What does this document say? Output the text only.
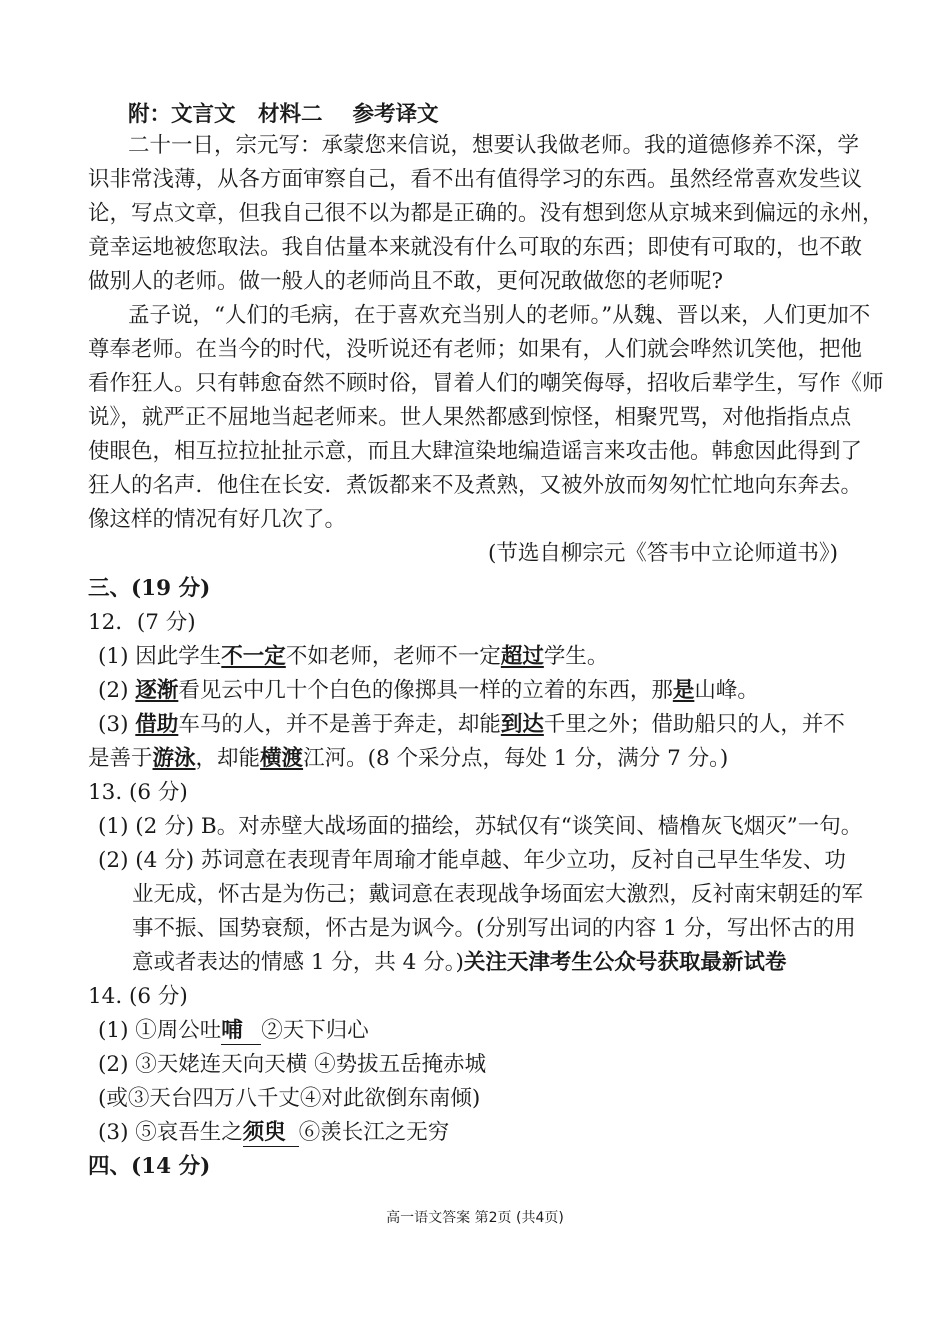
附：文言文 材料二 参考译文
二十一日，宗元写：承蒙您来信说，想要认我做老师。我的道德修养不深，学
识非常浅薄，从各方面审察自己，看不出有值得学习的东西。虽然经常喜欢发些议
论，写点文章，但我自己很不以为都是正确的。没有想到您从京城来到偏远的永州，
竟幸运地被您取法。我自估量本来就没有什么可取的东西；即使有可取的，也不敢
做别人的老师。做一般人的老师尚且不敢，更何况敢做您的老师呢?
孟子说，“人们的毛病，在于喜欢充当别人的老师。”从魏、晋以来，人们更加不
尊奉老师。在当今的时代，没听说还有老师；如果有，人们就会哗然讥笑他，把他
看作狂人。只有韩愈奋然不顾时俗，冒着人们的嘲笑侮辱，招收后辈学生，写作《师
说》，就严正不屈地当起老师来。世人果然都感到惊怪，相聚咒骂，对他指指点点
使眼色，相互拉拉扯扯示意，而且大肆渲染地编造谣言来攻击他。韩愈因此得到了
狂人的名声．他住在长安．煮饭都来不及煮熟，又被外放而匆匆忙忙地向东奔去。
像这样的情况有好几次了。
(节选自柳宗元《答韦中立论师道书》)
三、(19 分)
12．(7 分)
(1) 因此学生不一定不如老师，老师不一定超过学生。
(2) 逐渐看见云中几十个白色的像掷具一样的立着的东西，那是山峰。
(3) 借助车马的人，并不是善于奔走，却能到达千里之外；借助船只的人，并不
是善于游泳，却能横渡江河。(8 个采分点，每处 1 分，满分 7 分。)
13. (6 分)
(1) (2 分) B。对赤壁大战场面的描绘，苏轼仅有“谈笑间、樯橹灰飞烟灭”一句。
(2) (4 分) 苏词意在表现青年周瑜才能卓越、年少立功，反衬自己早生华发、功
业无成，怀古是为伤己；戴词意在表现战争场面宏大激烈，反衬南宋朝廷的军
事不振、国势衰颓，怀古是为讽今。(分别写出词的内容 1 分，写出怀古的用
意或者表达的情感 1 分，共 4 分。)关注天津考生公众号获取最新试卷
14. (6 分)
(1) ①周公吐哺 ②天下归心
(2) ③天姥连天向天横 ④势拔五岳掩赤城
(或③天台四万八千丈④对此欲倒东南倾)
(3) ⑤哀吾生之须臾 ⑥羡长江之无穷
四、(14 分)
高一语文答案 第2页 (共4页)
